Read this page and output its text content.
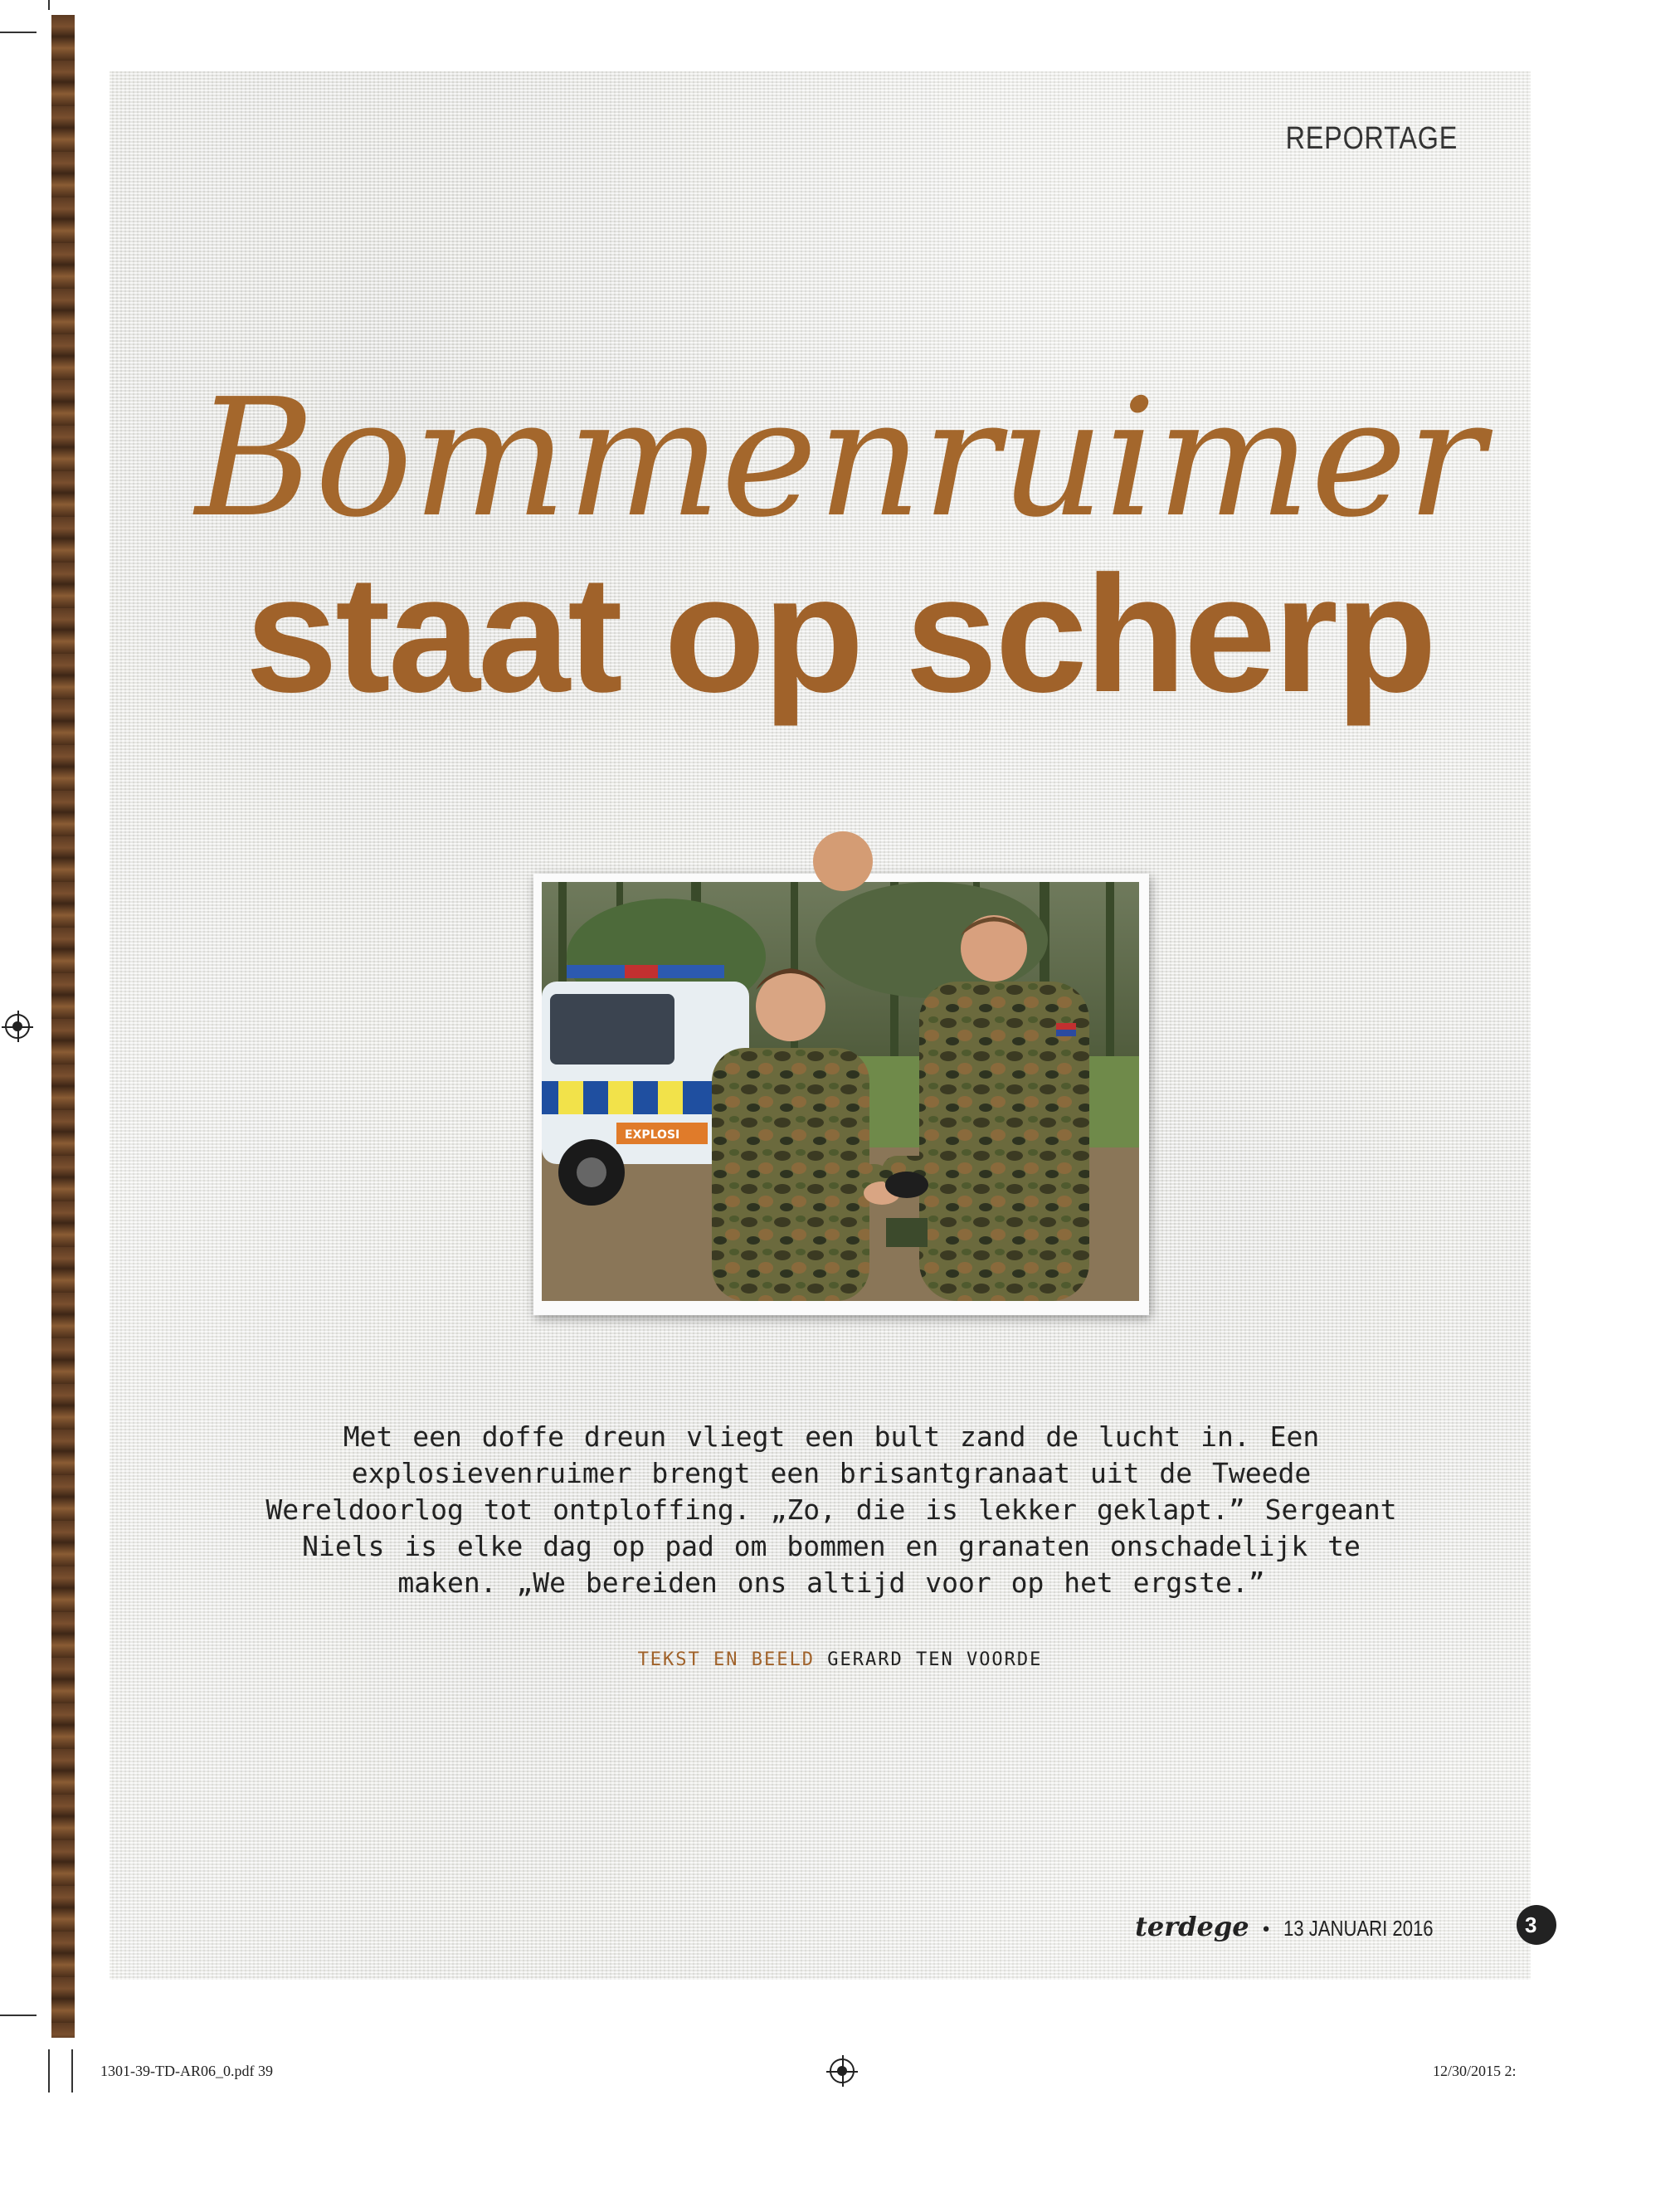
REPORTAGE
Bommenruimer
staat op scherp
EXPLOSI
Met een doffe dreun vliegt een bult zand de lucht in. Een
explosievenruimer brengt een brisantgranaat uit de Tweede
Wereldoorlog tot ontploffing. „Zo, die is lekker geklapt.” Sergeant
Niels is elke dag op pad om bommen en granaten onschadelijk te
maken. „We bereiden ons altijd voor op het ergste.”
TEKST EN BEELD GERARD TEN VOORDE
terdege • 13 JANUARI 2016	3
1301-39-TD-AR06_0.pdf 39	12/30/2015 2:
